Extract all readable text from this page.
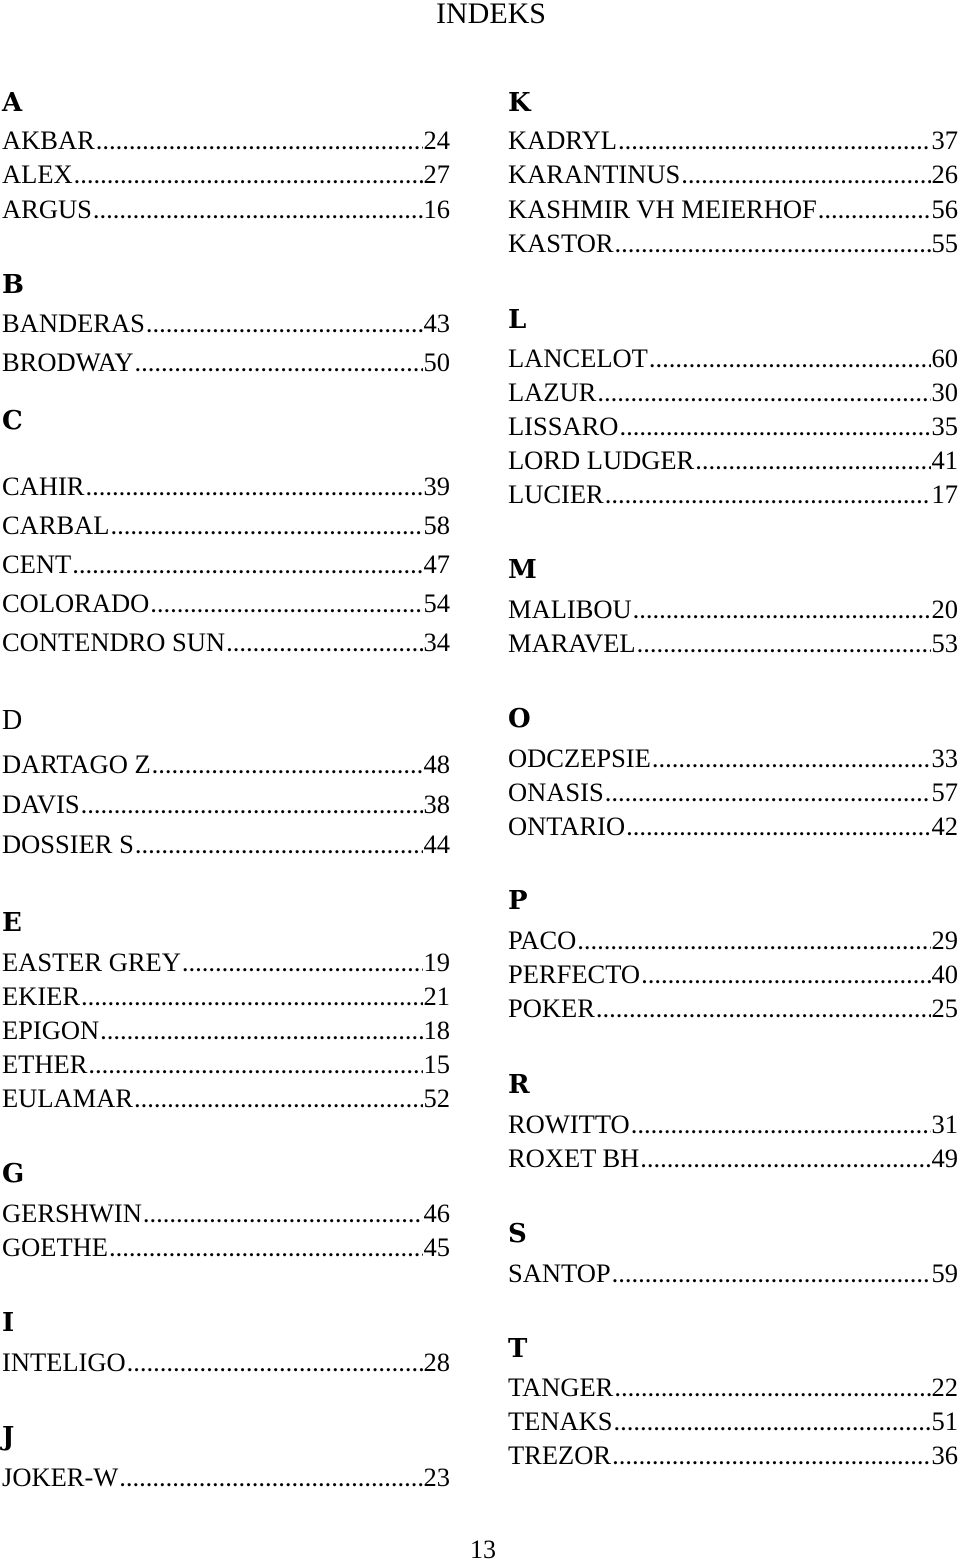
INDEKS
A
AKBAR .....	24
ALEX .....	27
ARGUS .....	16
B
BANDERAS .....	43
BRODWAY .....	50
C
CAHIR .....	39
CARBAL .....	58
CENT .....	47
COLORADO .....	54
CONTENDRO SUN .....	34
D
DARTAGO Z .....	48
DAVIS .....	38
DOSSIER S .....	44
E
EASTER GREY .....	19
EKIER .....	21
EPIGON .....	18
ETHER .....	15
EULAMAR .....	52
G
GERSHWIN .....	46
GOETHE .....	45
I
INTELIGO .....	28
J
JOKER-W .....	23
K
KADRYL .....	37
KARANTINUS .....	26
KASHMIR VH MEIERHOF .....	56
KASTOR .....	55
L
LANCELOT .....	60
LAZUR .....	30
LISSARO .....	35
LORD LUDGER .....	41
LUCIER .....	17
M
MALIBOU .....	20
MARAVEL .....	53
O
ODCZEPSIE .....	33
ONASIS .....	57
ONTARIO .....	42
P
PACO .....	29
PERFECTO .....	40
POKER .....	25
R
ROWITTO .....	31
ROXET BH .....	49
S
SANTOP .....	59
T
TANGER .....	22
TENAKS .....	51
TREZOR .....	36
13
